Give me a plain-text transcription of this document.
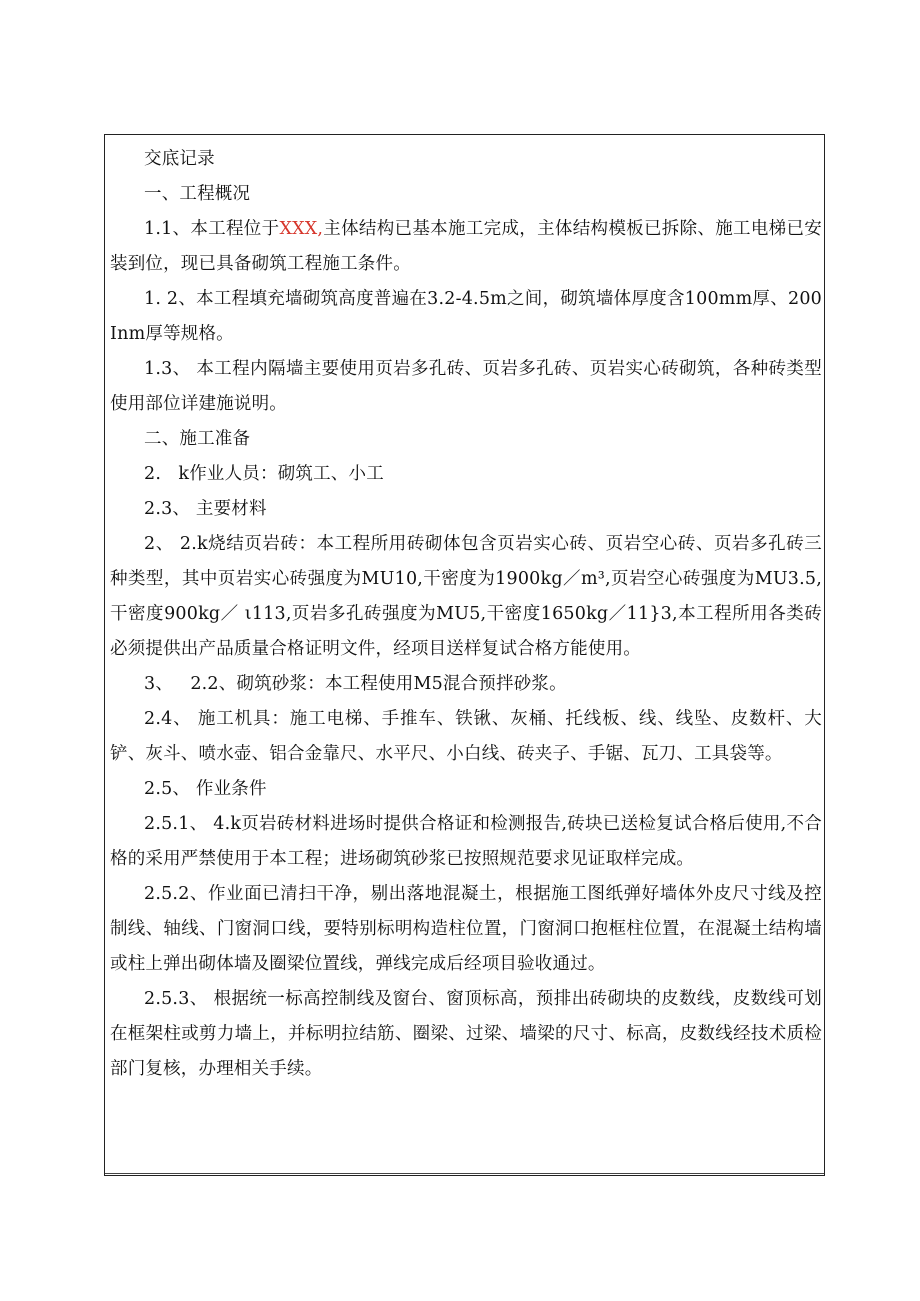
交底记录

一、工程概况

1.1、本工程位于XXX,主体结构已基本施工完成，主体结构模板已拆除、施工电梯已安装到位，现已具备砌筑工程施工条件。

1. 2、本工程填充墙砌筑高度普遍在3.2-4.5m之间，砌筑墙体厚度含100mm厚、200Inm厚等规格。

1.3、 本工程内隔墙主要使用页岩多孔砖、页岩多孔砖、页岩实心砖砌筑，各种砖类型使用部位详建施说明。

二、施工准备

2.   k作业人员：砌筑工、小工

2.3、 主要材料

2、 2.k烧结页岩砖：本工程所用砖砌体包含页岩实心砖、页岩空心砖、页岩多孔砖三种类型，其中页岩实心砖强度为MU10,干密度为1900kg／m³,页岩空心砖强度为MU3.5,干密度900kg／ ι113,页岩多孔砖强度为MU5,干密度1650kg／11}3,本工程所用各类砖必须提供出产品质量合格证明文件，经项目送样复试合格方能使用。

3、   2.2、砌筑砂浆：本工程使用M5混合预拌砂浆。

2.4、 施工机具：施工电梯、手推车、铁锹、灰桶、托线板、线、线坠、皮数杆、大铲、灰斗、喷水壶、铝合金靠尺、水平尺、小白线、砖夹子、手锯、瓦刀、工具袋等。

2.5、 作业条件

2.5.1、 4.k页岩砖材料进场时提供合格证和检测报告,砖块已送检复试合格后使用,不合格的采用严禁使用于本工程；进场砌筑砂浆已按照规范要求见证取样完成。

2.5.2、作业面已清扫干净，剔出落地混凝土，根据施工图纸弹好墙体外皮尺寸线及控制线、轴线、门窗洞口线，要特别标明构造柱位置，门窗洞口抱框柱位置，在混凝土结构墙或柱上弹出砌体墙及圈梁位置线，弹线完成后经项目验收通过。

2.5.3、 根据统一标高控制线及窗台、窗顶标高，预排出砖砌块的皮数线，皮数线可划在框架柱或剪力墙上，并标明拉结筋、圈梁、过梁、墙梁的尺寸、标高，皮数线经技术质检部门复核，办理相关手续。
